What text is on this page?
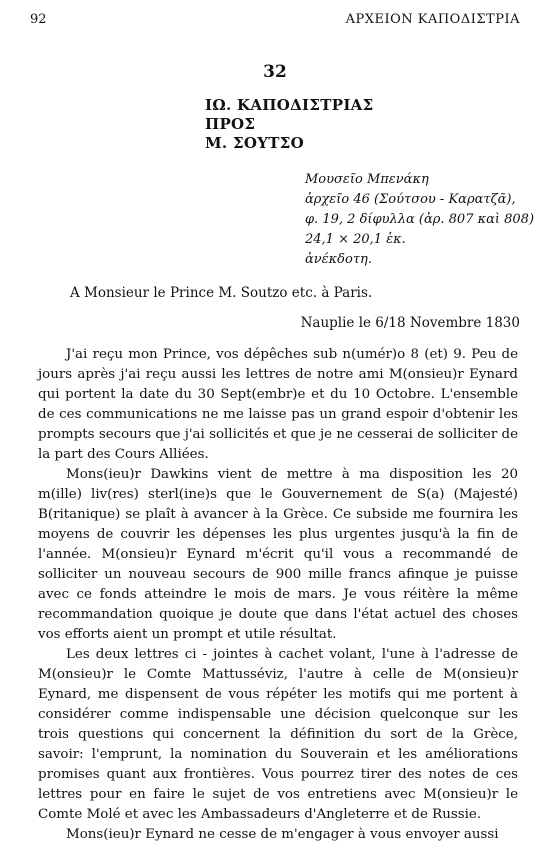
92	ΑΡΧΕΙΟΝ ΚΑΠΟΔΙΣΤΡΙΑ
32
ΙΩ. ΚΑΠΟΔΙΣΤΡΙΑΣ
ΠΡΟΣ
Μ. ΣΟΥΤΣΟ
Μουσεῖο Μπενάκη
ἀρχεῖο 46 (Σούτσου - Καρατζᾶ),
φ. 19, 2 δίφυλλα (ἀρ. 807 καὶ 808)
24,1 × 20,1 ἑκ.
ἀνέκδοτη.
A Monsieur le Prince M. Soutzo etc. à Paris.
Nauplie le 6/18 Novembre 1830

J'ai reçu mon Prince, vos dépêches sub n(umér)o 8 (et) 9. Peu de jours après j'ai reçu aussi les lettres de notre ami M(onsieu)r Eynard qui portent la date du 30 Sept(embr)e et du 10 Octobre. L'ensemble de ces communications ne me laisse pas un grand espoir d'obtenir les prompts secours que j'ai sollicités et que je ne cesserai de solliciter de la part des Cours Alliées.

Mons(ieu)r Dawkins vient de mettre à ma disposition les 20 m(ille) liv(res) sterl(ine)s que le Gouvernement de S(a) (Majesté) B(ritanique) se plaît à avancer à la Grèce. Ce subside me fournira les moyens de couvrir les dépenses les plus urgentes jusqu'à la fin de l'année. M(onsieu)r Eynard m'écrit qu'il vous a recommandé de solliciter un nouveau secours de 900 mille francs afinque je puisse avec ce fonds atteindre le mois de mars. Je vous réitère la même recommandation quoique je doute que dans l'état actuel des choses vos efforts aient un prompt et utile résultat.

Les deux lettres ci - jointes à cachet volant, l'une à l'adresse de M(onsieu)r le Comte Mattusséviz, l'autre à celle de M(onsieu)r Eynard, me dispensent de vous répéter les motifs qui me portent à considérer comme indispensable une décision quelconque sur les trois questions qui concernent la définition du sort de la Grèce, savoir: l'emprunt, la nomination du Souverain et les améliorations promises quant aux frontières. Vous pourrez tirer des notes de ces lettres pour en faire le sujet de vos entretiens avec M(onsieu)r le Comte Molé et avec les Ambassadeurs d'Angleterre et de Russie.

Mons(ieu)r Eynard ne cesse de m'engager à vous envoyer aussi
